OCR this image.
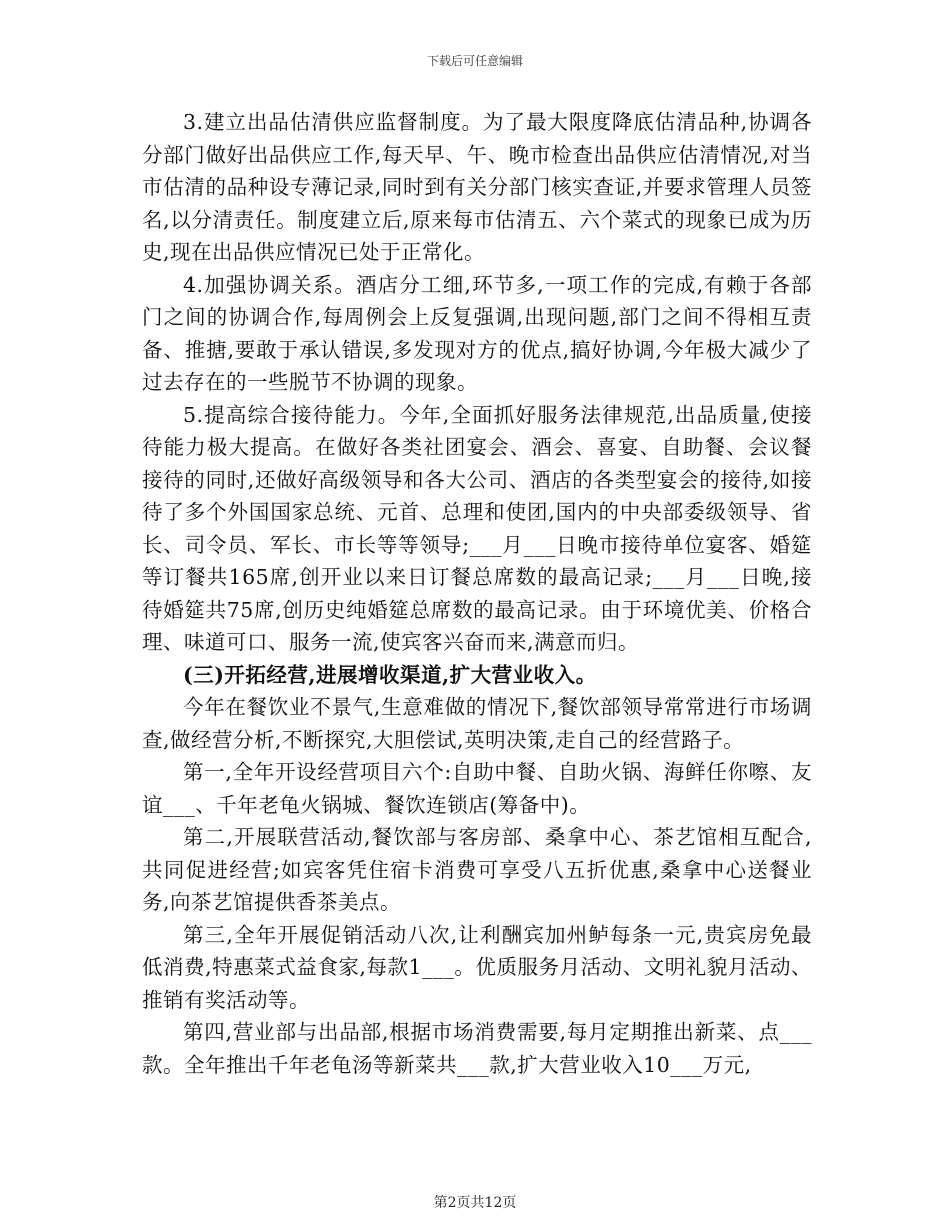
下载后可任意编辑

3.建立出品估清供应监督制度。为了最大限度降底估清品种,协调各分部门做好出品供应工作,每天早、午、晚市检查出品供应估清情况,对当市估清的品种设专薄记录,同时到有关分部门核实查证,并要求管理人员签名,以分清责任。制度建立后,原来每市估清五、六个菜式的现象已成为历史,现在出品供应情况已处于正常化。

4.加强协调关系。酒店分工细,环节多,一项工作的完成,有赖于各部门之间的协调合作,每周例会上反复强调,出现问题,部门之间不得相互责备、推搪,要敢于承认错误,多发现对方的优点,搞好协调,今年极大减少了过去存在的一些脱节不协调的现象。

5.提高综合接待能力。今年,全面抓好服务法律规范,出品质量,使接待能力极大提高。在做好各类社团宴会、酒会、喜宴、自助餐、会议餐接待的同时,还做好高级领导和各大公司、酒店的各类型宴会的接待,如接待了多个外国国家总统、元首、总理和使团,国内的中央部委级领导、省长、司令员、军长、市长等等领导;___月___日晚市接待单位宴客、婚筵等订餐共165席,创开业以来日订餐总席数的最高记录;___月___日晚,接待婚筵共75席,创历史纯婚筵总席数的最高记录。由于环境优美、价格合理、味道可口、服务一流,使宾客兴奋而来,满意而归。

(三)开拓经营,进展增收渠道,扩大营业收入。

今年在餐饮业不景气,生意难做的情况下,餐饮部领导常常进行市场调查,做经营分析,不断探究,大胆偿试,英明决策,走自己的经营路子。

第一,全年开设经营项目六个:自助中餐、自助火锅、海鲜任你嚓、友谊___、千年老龟火锅城、餐饮连锁店(筹备中)。

第二,开展联营活动,餐饮部与客房部、桑拿中心、茶艺馆相互配合,共同促进经营;如宾客凭住宿卡消费可享受八五折优惠,桑拿中心送餐业务,向茶艺馆提供香茶美点。

第三,全年开展促销活动八次,让利酬宾加州鲈每条一元,贵宾房免最低消费,特惠菜式益食家,每款1___。优质服务月活动、文明礼貌月活动、推销有奖活动等。

第四,营业部与出品部,根据市场消费需要,每月定期推出新菜、点___款。全年推出千年老龟汤等新菜共___款,扩大营业收入10___万元,

第2页共12页
